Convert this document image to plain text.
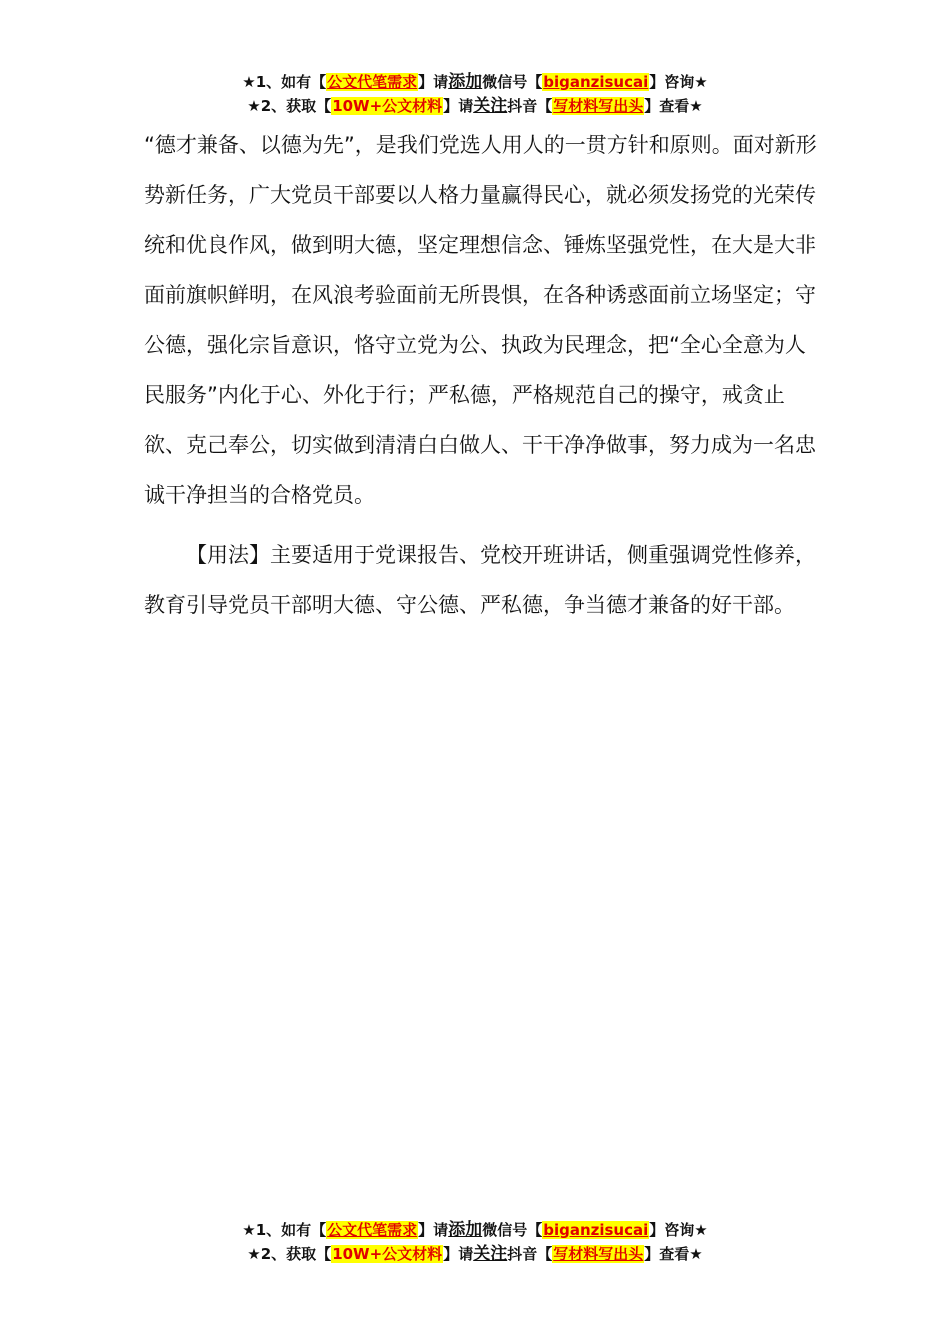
★1、如有【公文代笔需求】请添加微信号【biganzisucai】咨询★
★2、获取【10W+公文材料】请关注抖音【写材料写出头】查看★

“德才兼备、以德为先”，是我们党选人用人的一贯方针和原则。面对新形势新任务，广大党员干部要以人格力量赢得民心，就必须发扬党的光荣传统和优良作风，做到明大德，坚定理想信念、锤炼坚强党性，在大是大非面前旗帜鲜明，在风浪考验面前无所畏惧，在各种诱惑面前立场坚定；守公德，强化宗旨意识，恪守立党为公、执政为民理念，把“全心全意为人民服务”内化于心、外化于行；严私德，严格规范自己的操守，戒贪止欲、克己奉公，切实做到清清白白做人、干干净净做事，努力成为一名忠诚干净担当的合格党员。

【用法】主要适用于党课报告、党校开班讲话，侧重强调党性修养，教育引导党员干部明大德、守公德、严私德，争当德才兼备的好干部。

★1、如有【公文代笔需求】请添加微信号【biganzisucai】咨询★
★2、获取【10W+公文材料】请关注抖音【写材料写出头】查看★
